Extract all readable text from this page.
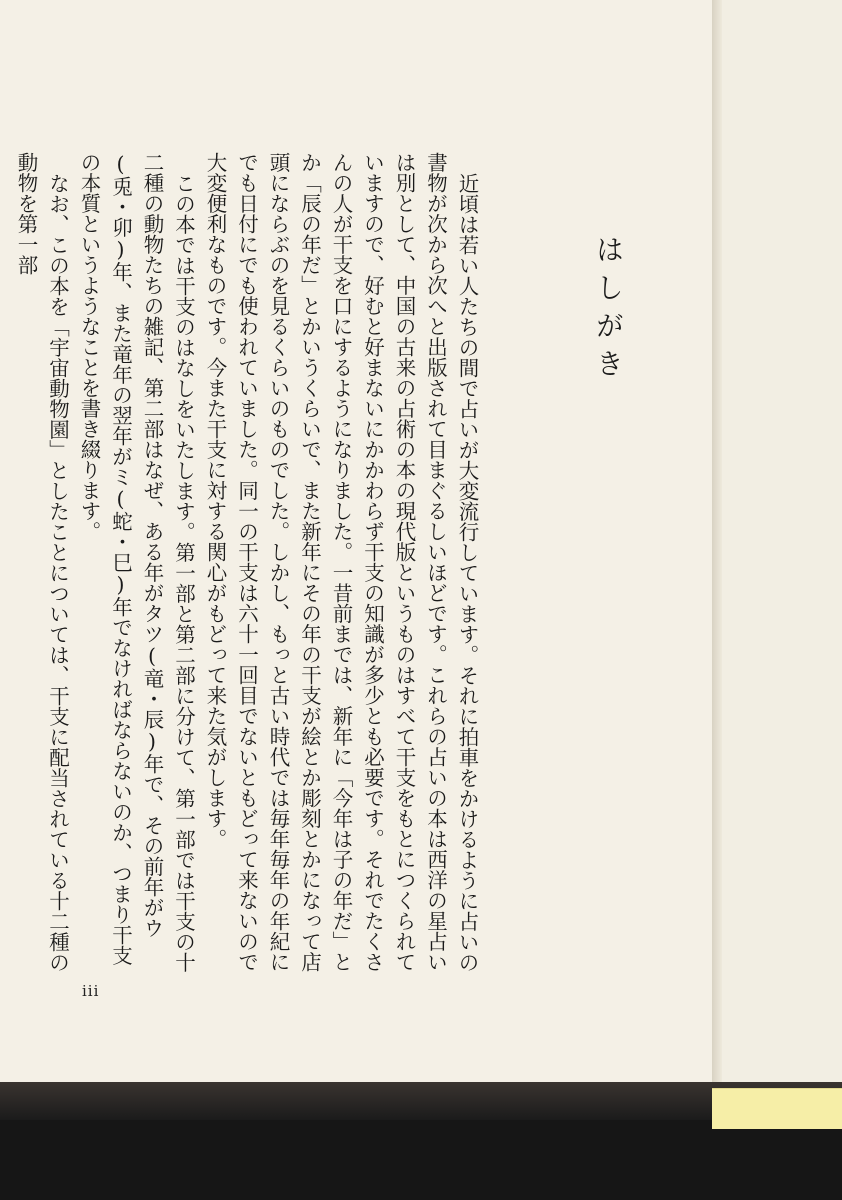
はしがき

近頃は若い人たちの間で占いが大変流行しています。それに拍車をかけるように占いの書物が次から次へと出版されて目まぐるしいほどです。これらの占いの本は西洋の星占いは別として、中国の古来の占術の本の現代版というものはすべて干支をもとにつくられていますので、好むと好まないにかかわらず干支の知識が多少とも必要です。それでたくさんの人が干支を口にするようになりました。一昔前までは、新年に「今年は子の年だ」とか「辰の年だ」とかいうくらいで、また新年にその年の干支が絵とか彫刻とかになって店頭にならぶのを見るくらいのものでした。しかし、もっと古い時代では毎年毎年の年紀にでも日付にでも使われていました。同一の干支は六十一回目でないともどって来ないので大変便利なものです。今また干支に対する関心がもどって来た気がします。

この本では干支のはなしをいたします。第一部と第二部に分けて、第一部では干支の十二種の動物たちの雑記、第二部はなぜ、ある年がタツ(竜・辰)年で、その前年がウ(兎・卯)年、また竜年の翌年がミ(蛇・巳)年でなければならないのか、つまり干支の本質というようなことを書き綴ります。

なお、この本を「宇宙動物園」としたことについては、干支に配当されている十二種の動物を第一部

iii
